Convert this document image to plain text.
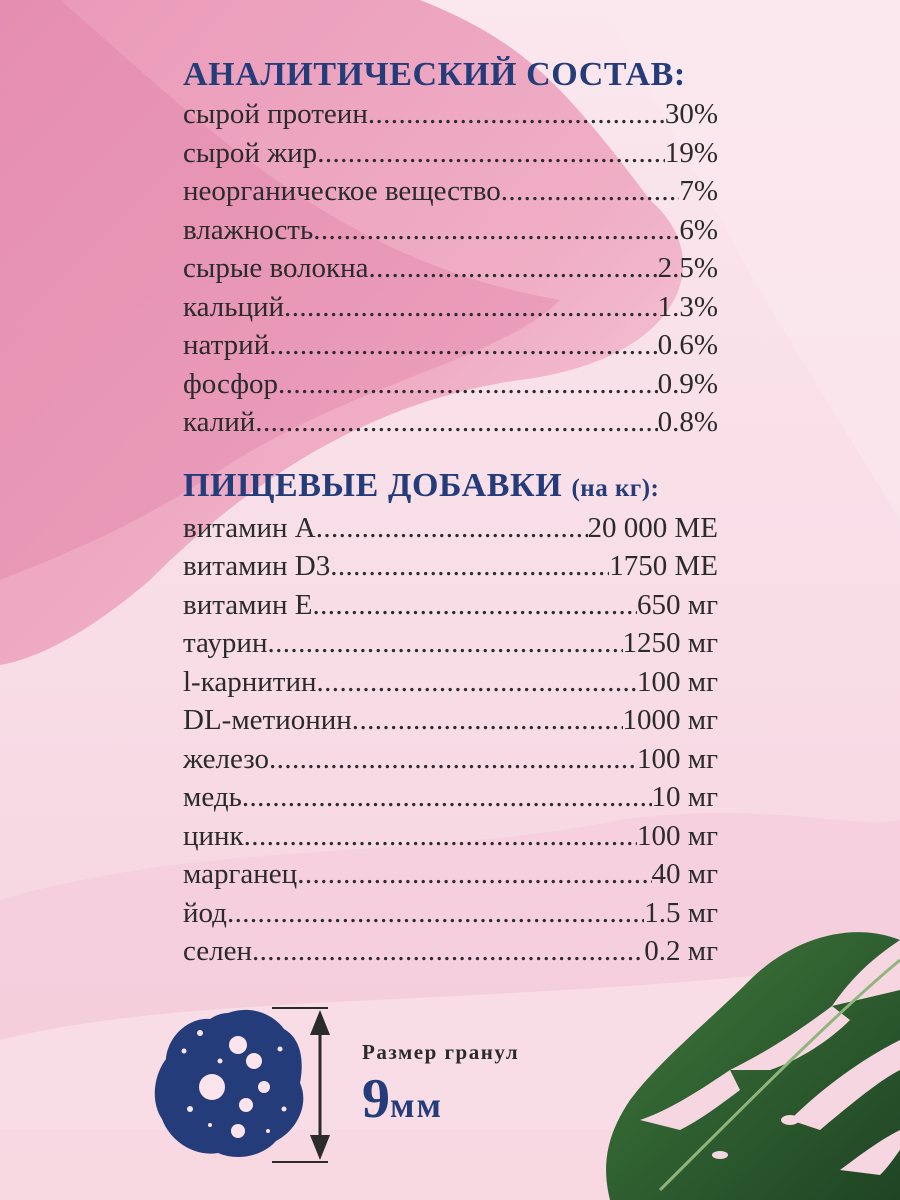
АНАЛИТИЧЕСКИЙ СОСТАВ:
сырой протеин .....	30%
сырой жир .....	19%
неорганическое вещество .....	7%
влажность .....	6%
сырые волокна .....	2.5%
кальций .....	1.3%
натрий .....	0.6%
фосфор .....	0.9%
калий .....	0.8%
ПИЩЕВЫЕ ДОБАВКИ (на кг):
витамин А .....	20 000 МЕ
витамин D3 .....	1750 МЕ
витамин Е .....	650 мг
таурин .....	1250 мг
l-карнитин .....	100 мг
DL-метионин .....	1000 мг
железо .....	100 мг
медь .....	10 мг
цинк .....	100 мг
марганец .....	40 мг
йод .....	1.5 мг
селен .....	0.2 мг
Размер гранул
9мм
